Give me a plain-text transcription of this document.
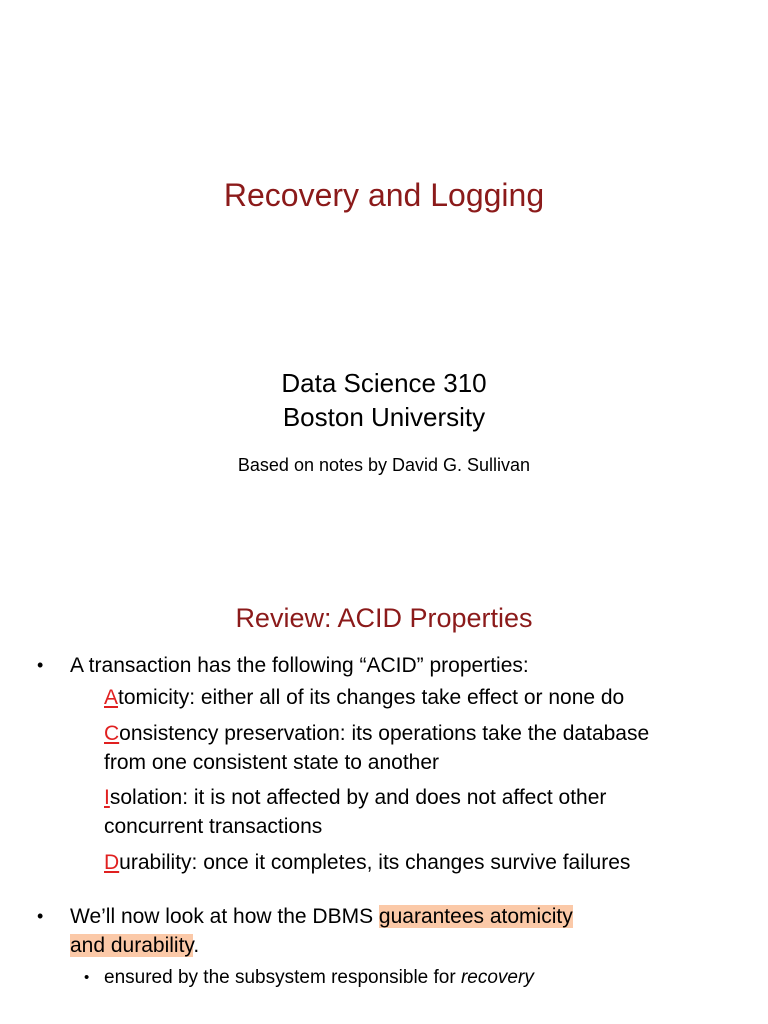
Recovery and Logging
Data Science 310
Boston University
Based on notes by David G. Sullivan
Review: ACID Properties
• A transaction has the following “ACID” properties:
Atomicity: either all of its changes take effect or none do
Consistency preservation: its operations take the database
from one consistent state to another
Isolation: it is not affected by and does not affect other
concurrent transactions
Durability: once it completes, its changes survive failures
• We’ll now look at how the DBMS guarantees atomicity
and durability.
• ensured by the subsystem responsible for recovery
